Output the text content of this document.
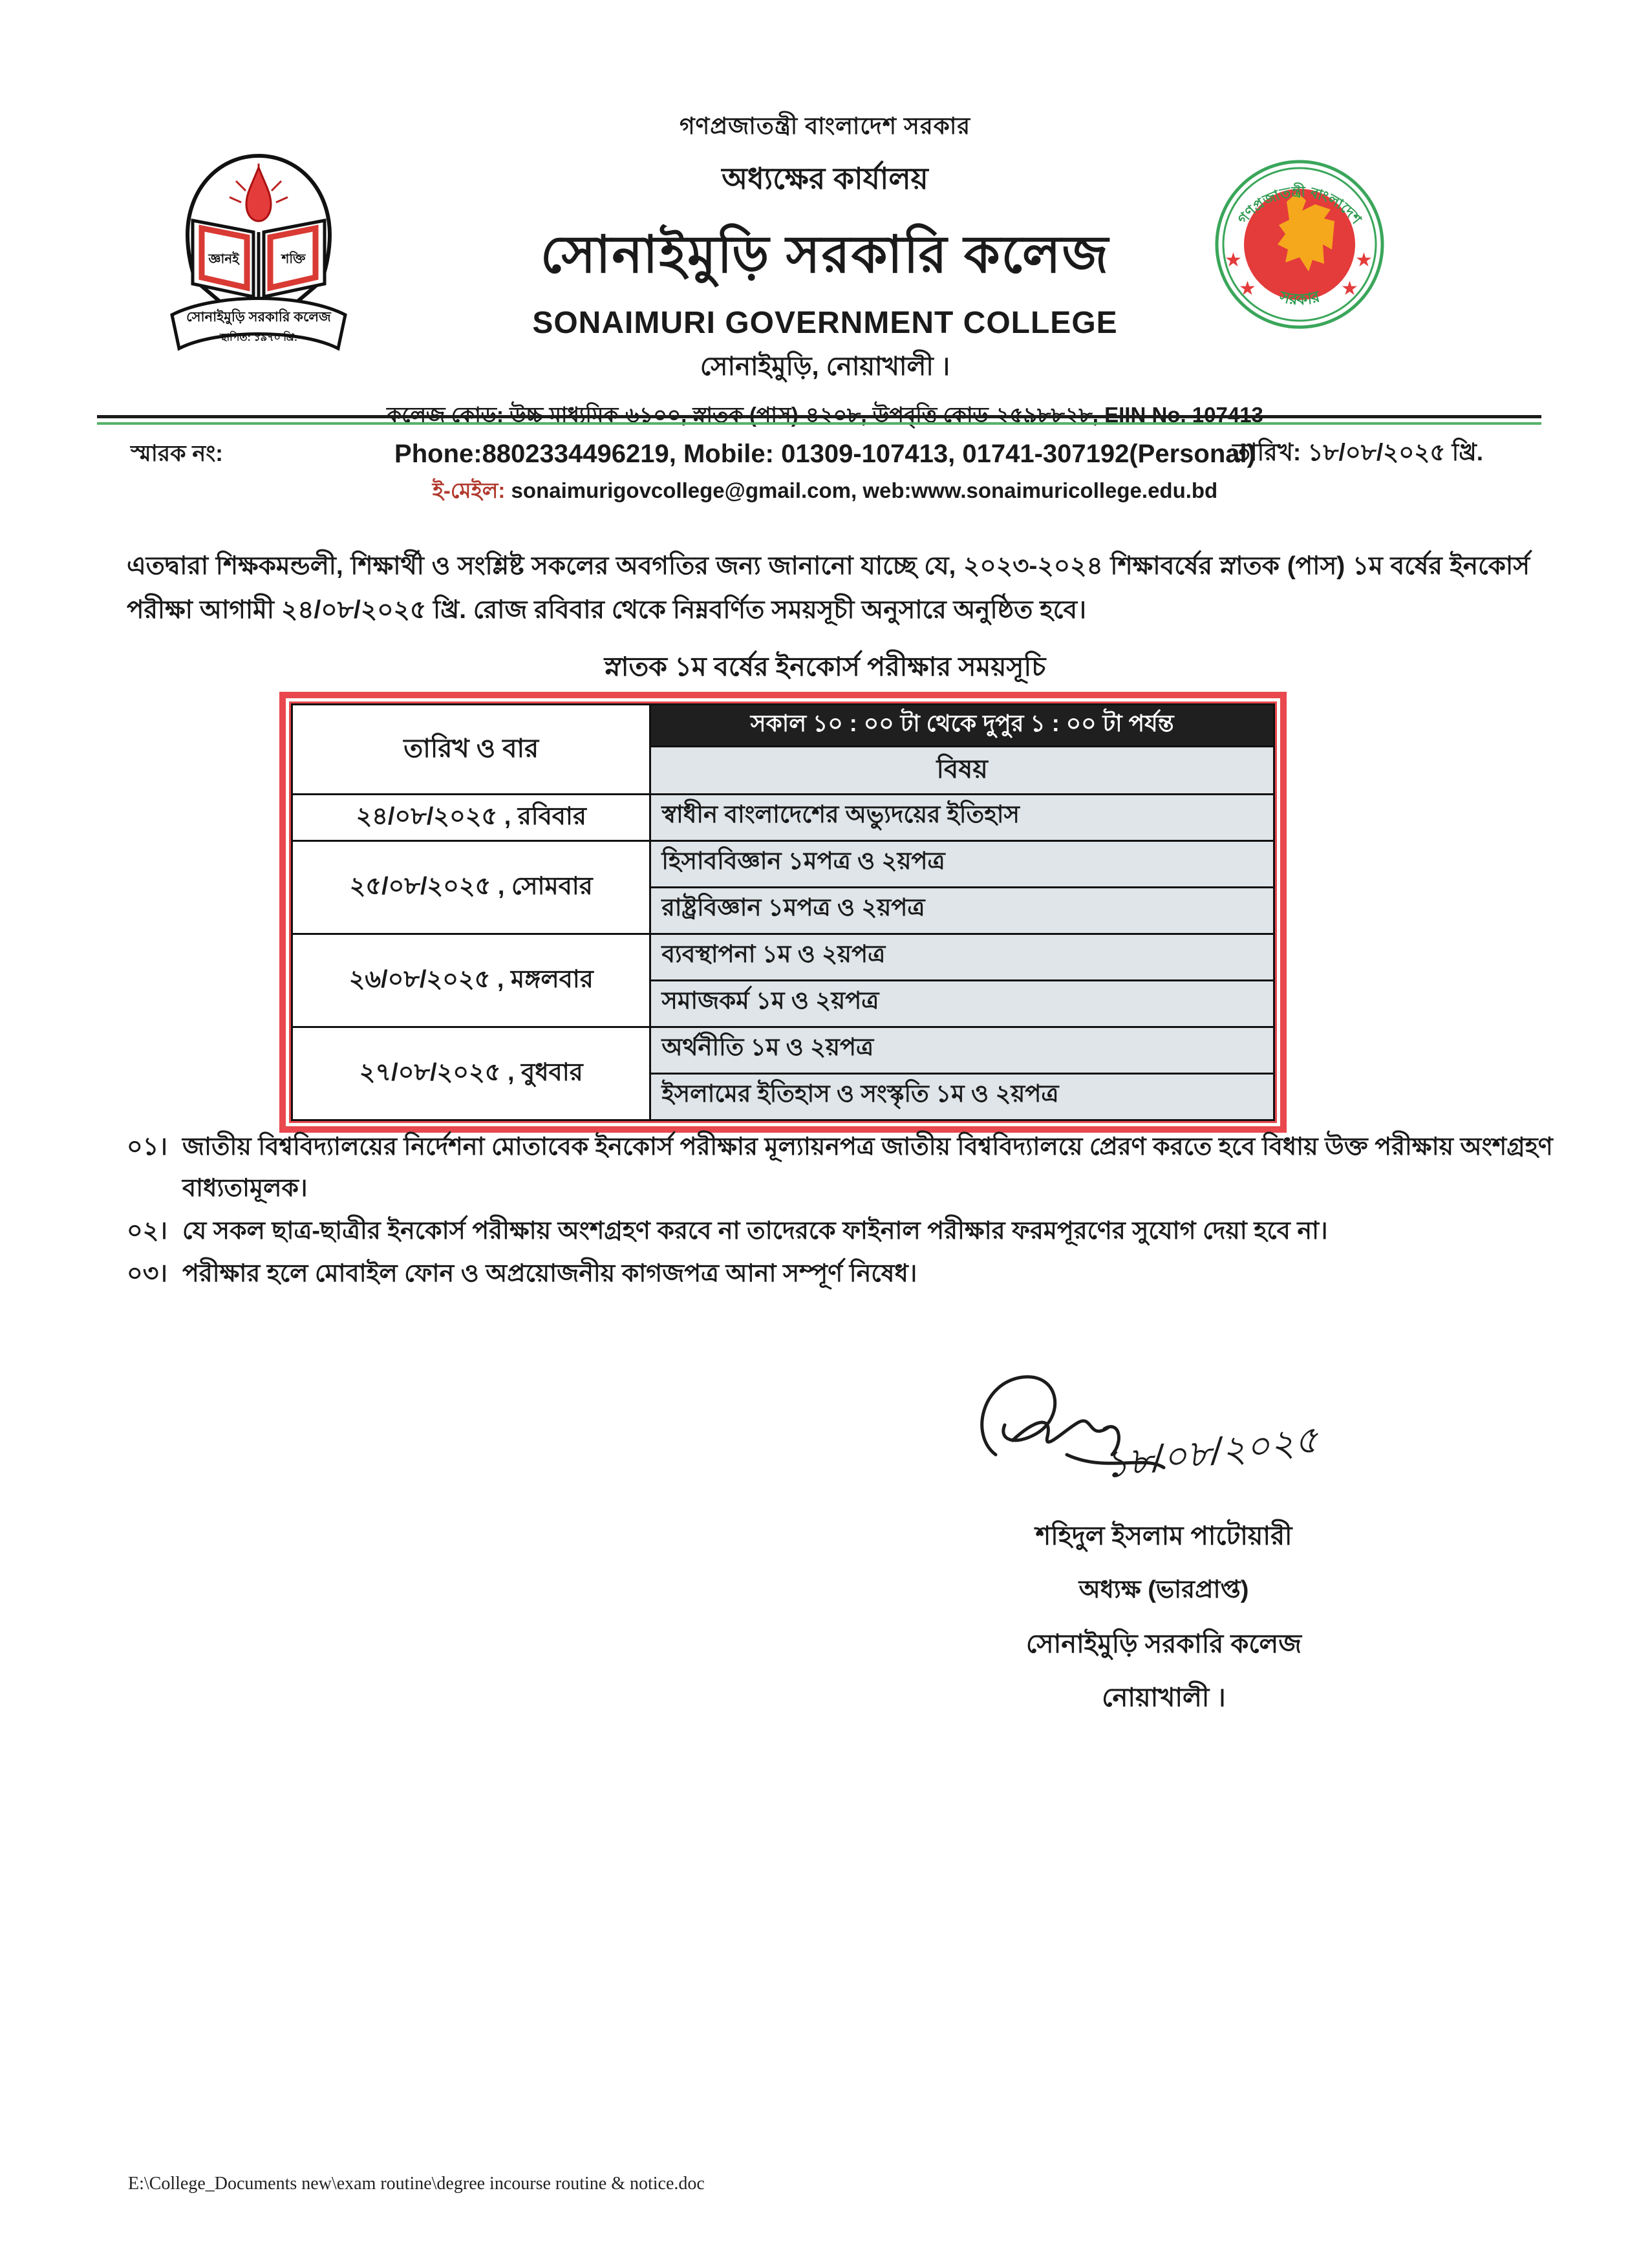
জ্ঞানই	শক্তি
সোনাইমুড়ি সরকারি কলেজ
স্থাপিত: ১৯৭০ খ্রি:
গণপ্রজাতন্ত্রী বাংলাদেশ
সরকার
★
★
★
★
গণপ্রজাতন্ত্রী বাংলাদেশ সরকার
অধ্যক্ষের কার্যালয়
সোনাইমুড়ি সরকারি কলেজ
SONAIMURI GOVERNMENT COLLEGE
সোনাইমুড়ি, নোয়াখালী ।
Phone:8802334496219, Mobile: 01309-107413, 01741-307192(Personal)
ই-মেইল: sonaimurigovcollege@gmail.com, web:www.sonaimuricollege.edu.bd
স্মারক নং:	তারিখ: ১৮/০৮/২০২৫ খ্রি.
এতদ্বারা শিক্ষকমন্ডলী, শিক্ষার্থী ও সংশ্লিষ্ট সকলের অবগতির জন্য জানানো যাচ্ছে যে, ২০২৩-২০২৪ শিক্ষাবর্ষের স্নাতক (পাস) ১ম বর্ষের ইনকোর্স পরীক্ষা আগামী ২৪/০৮/২০২৫ খ্রি. রোজ রবিবার থেকে নিম্নবর্ণিত সময়সূচী অনুসারে অনুষ্ঠিত হবে।
স্নাতক ১ম বর্ষের ইনকোর্স পরীক্ষার সময়সূচি
তারিখ ও বার	সকাল ১০ : ০০ টা থেকে দুপুর ১ : ০০ টা পর্যন্ত
	বিষয়
২৪/০৮/২০২৫ , রবিবার	স্বাধীন বাংলাদেশের অভ্যুদয়ের ইতিহাস
২৫/০৮/২০২৫ , সোমবার	হিসাববিজ্ঞান ১মপত্র ও ২য়পত্র
	রাষ্ট্রবিজ্ঞান ১মপত্র ও ২য়পত্র
২৬/০৮/২০২৫ , মঙ্গলবার	ব্যবস্থাপনা ১ম ও ২য়পত্র
	সমাজকর্ম ১ম ও ২য়পত্র
২৭/০৮/২০২৫ , বুধবার	অর্থনীতি ১ম ও ২য়পত্র
	ইসলামের ইতিহাস ও সংস্কৃতি ১ম ও ২য়পত্র
০১। জাতীয় বিশ্ববিদ্যালয়ের নির্দেশনা মোতাবেক ইনকোর্স পরীক্ষার মূল্যায়নপত্র জাতীয় বিশ্ববিদ্যালয়ে প্রেরণ করতে হবে বিধায় উক্ত পরীক্ষায় অংশগ্রহণ বাধ্যতামূলক।
০২। যে সকল ছাত্র-ছাত্রীর ইনকোর্স পরীক্ষায় অংশগ্রহণ করবে না তাদেরকে ফাইনাল পরীক্ষার ফরমপূরণের সুযোগ দেয়া হবে না।
০৩। পরীক্ষার হলে মোবাইল ফোন ও অপ্রয়োজনীয় কাগজপত্র আনা সম্পূর্ণ নিষেধ।
১৮/০৮/২০২৫
শহিদুল ইসলাম পাটোয়ারী
অধ্যক্ষ (ভারপ্রাপ্ত)
সোনাইমুড়ি সরকারি কলেজ
নোয়াখালী ।
E:\College_Documents new\exam routine\degree incourse routine & notice.doc
